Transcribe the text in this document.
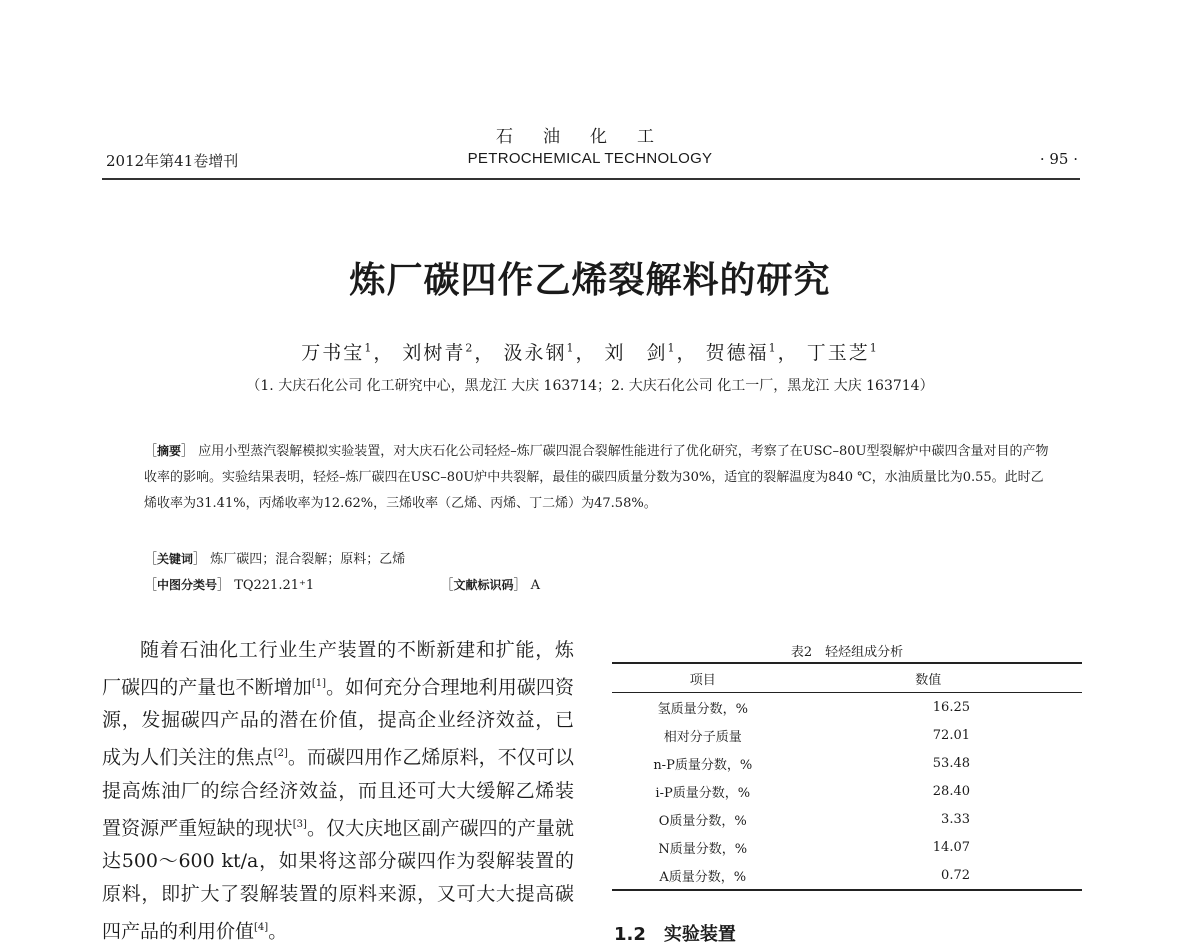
石油化工
2012年第41卷增刊	PETROCHEMICAL TECHNOLOGY	· 95 ·
炼厂碳四作乙烯裂解料的研究
万书宝$^1$， 刘树青$^2$， 汲永钢$^1$， 刘　剑$^1$， 贺德福$^1$， 丁玉芝$^1$
（1. 大庆石化公司 化工研究中心，黑龙江 大庆 163714；2. 大庆石化公司 化工一厂，黑龙江 大庆 163714）
［摘要］ 应用小型蒸汽裂解模拟实验装置，对大庆石化公司轻烃–炼厂碳四混合裂解性能进行了优化研究，考察了在USC–80U型裂解炉中碳四含量对目的产物收率的影响。实验结果表明，轻烃–炼厂碳四在USC–80U炉中共裂解，最佳的碳四质量分数为30%，适宜的裂解温度为840 ℃，水油质量比为0.55。此时乙烯收率为31.41%，丙烯收率为12.62%，三烯收率（乙烯、丙烯、丁二烯）为47.58%。
［关键词］ 炼厂碳四；混合裂解；原料；乙烯
［中图分类号］ TQ221.21⁺1	［文献标识码］ A
随着石油化工行业生产装置的不断新建和扩能，炼厂碳四的产量也不断增加[1]。如何充分合理地利用碳四资源，发掘碳四产品的潜在价值，提高企业经济效益，已成为人们关注的焦点[2]。而碳四用作乙烯原料，不仅可以提高炼油厂的综合经济效益，而且还可大大缓解乙烯装置资源严重短缺的现状[3]。仅大庆地区副产碳四的产量就达500～600 kt/a，如果将这部分碳四作为裂解装置的原料，即扩大了裂解装置的原料来源，又可大大提高碳四产品的利用价值[4]。
表2　轻烃组成分析
项目	数值
氢质量分数，%	16.25
相对分子质量	72.01
n-P质量分数，%	53.48
i-P质量分数，%	28.40
O质量分数，%	3.33
N质量分数，%	14.07
A质量分数，%	0.72
1.2 实验装置
